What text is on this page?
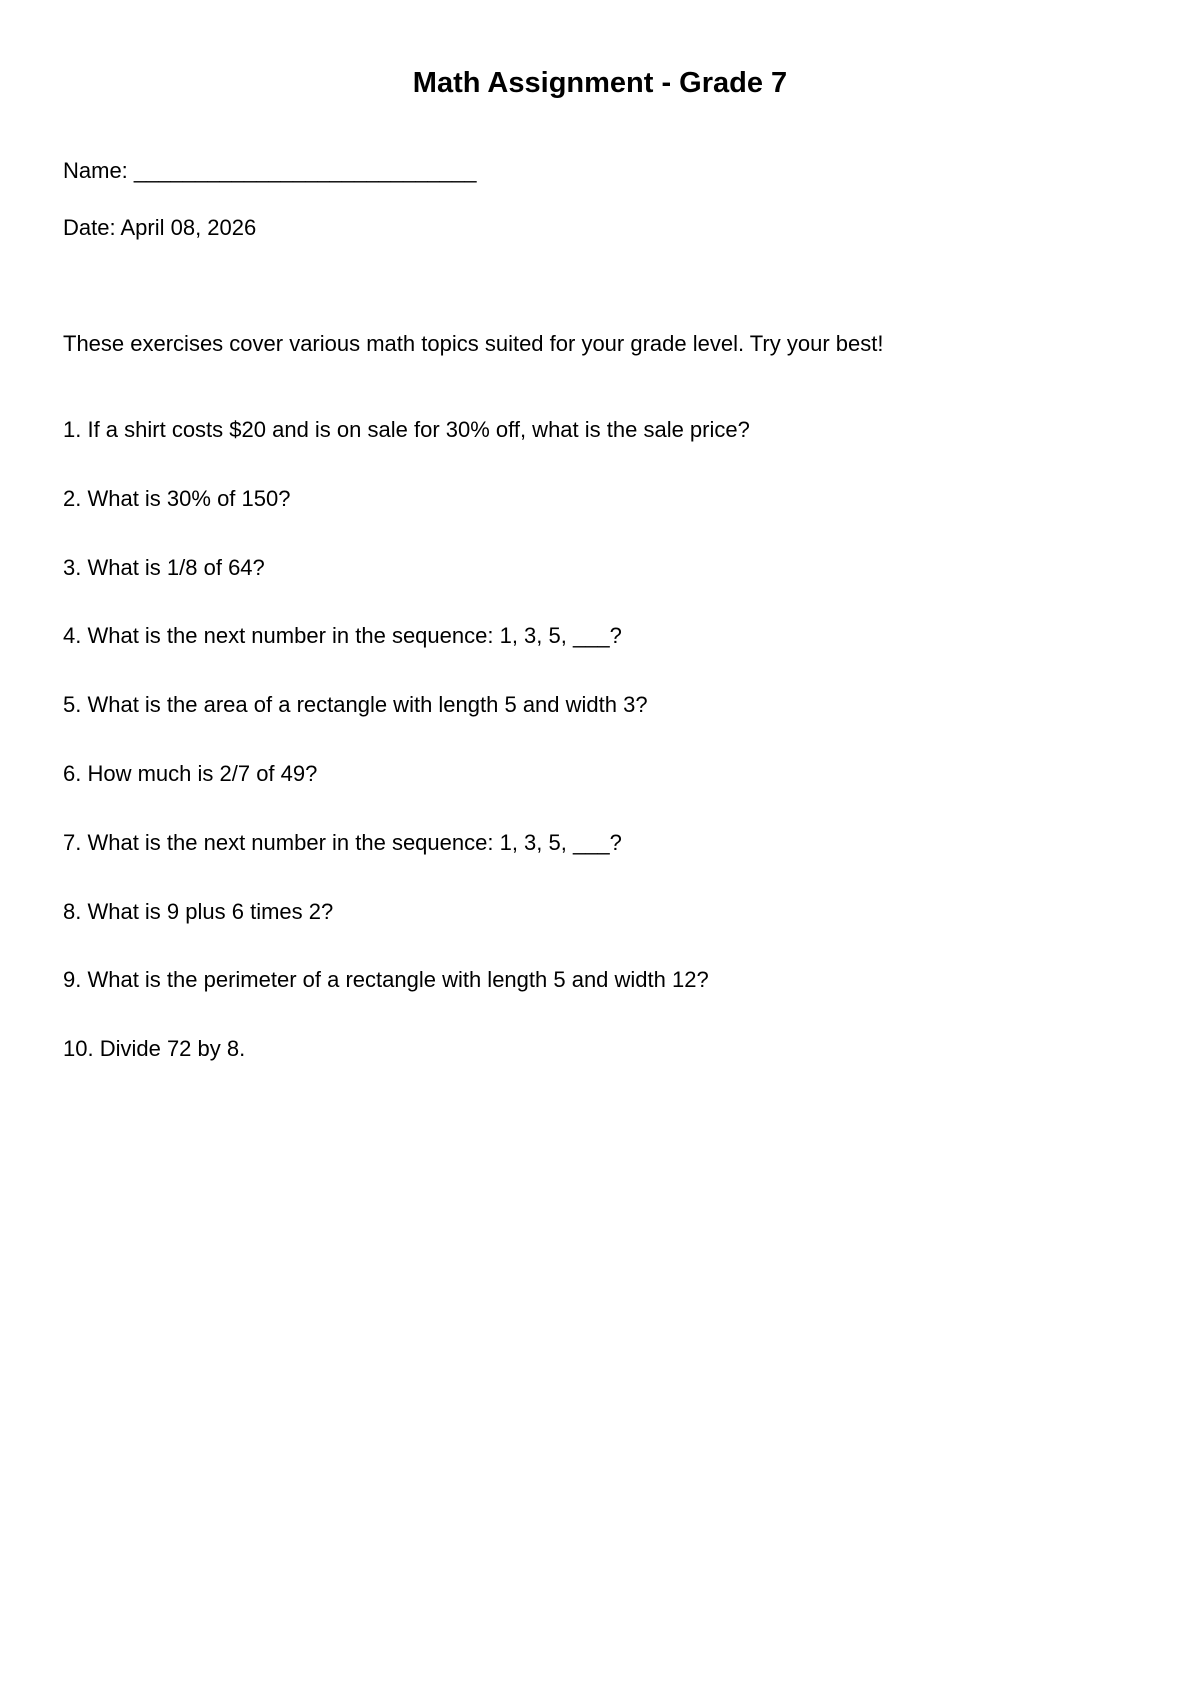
Math Assignment - Grade 7
Name: ____________________________
Date: April 08, 2026
These exercises cover various math topics suited for your grade level. Try your best!
1. If a shirt costs $20 and is on sale for 30% off, what is the sale price?
2. What is 30% of 150?
3. What is 1/8 of 64?
4. What is the next number in the sequence: 1, 3, 5, ___?
5. What is the area of a rectangle with length 5 and width 3?
6. How much is 2/7 of 49?
7. What is the next number in the sequence: 1, 3, 5, ___?
8. What is 9 plus 6 times 2?
9. What is the perimeter of a rectangle with length 5 and width 12?
10. Divide 72 by 8.
